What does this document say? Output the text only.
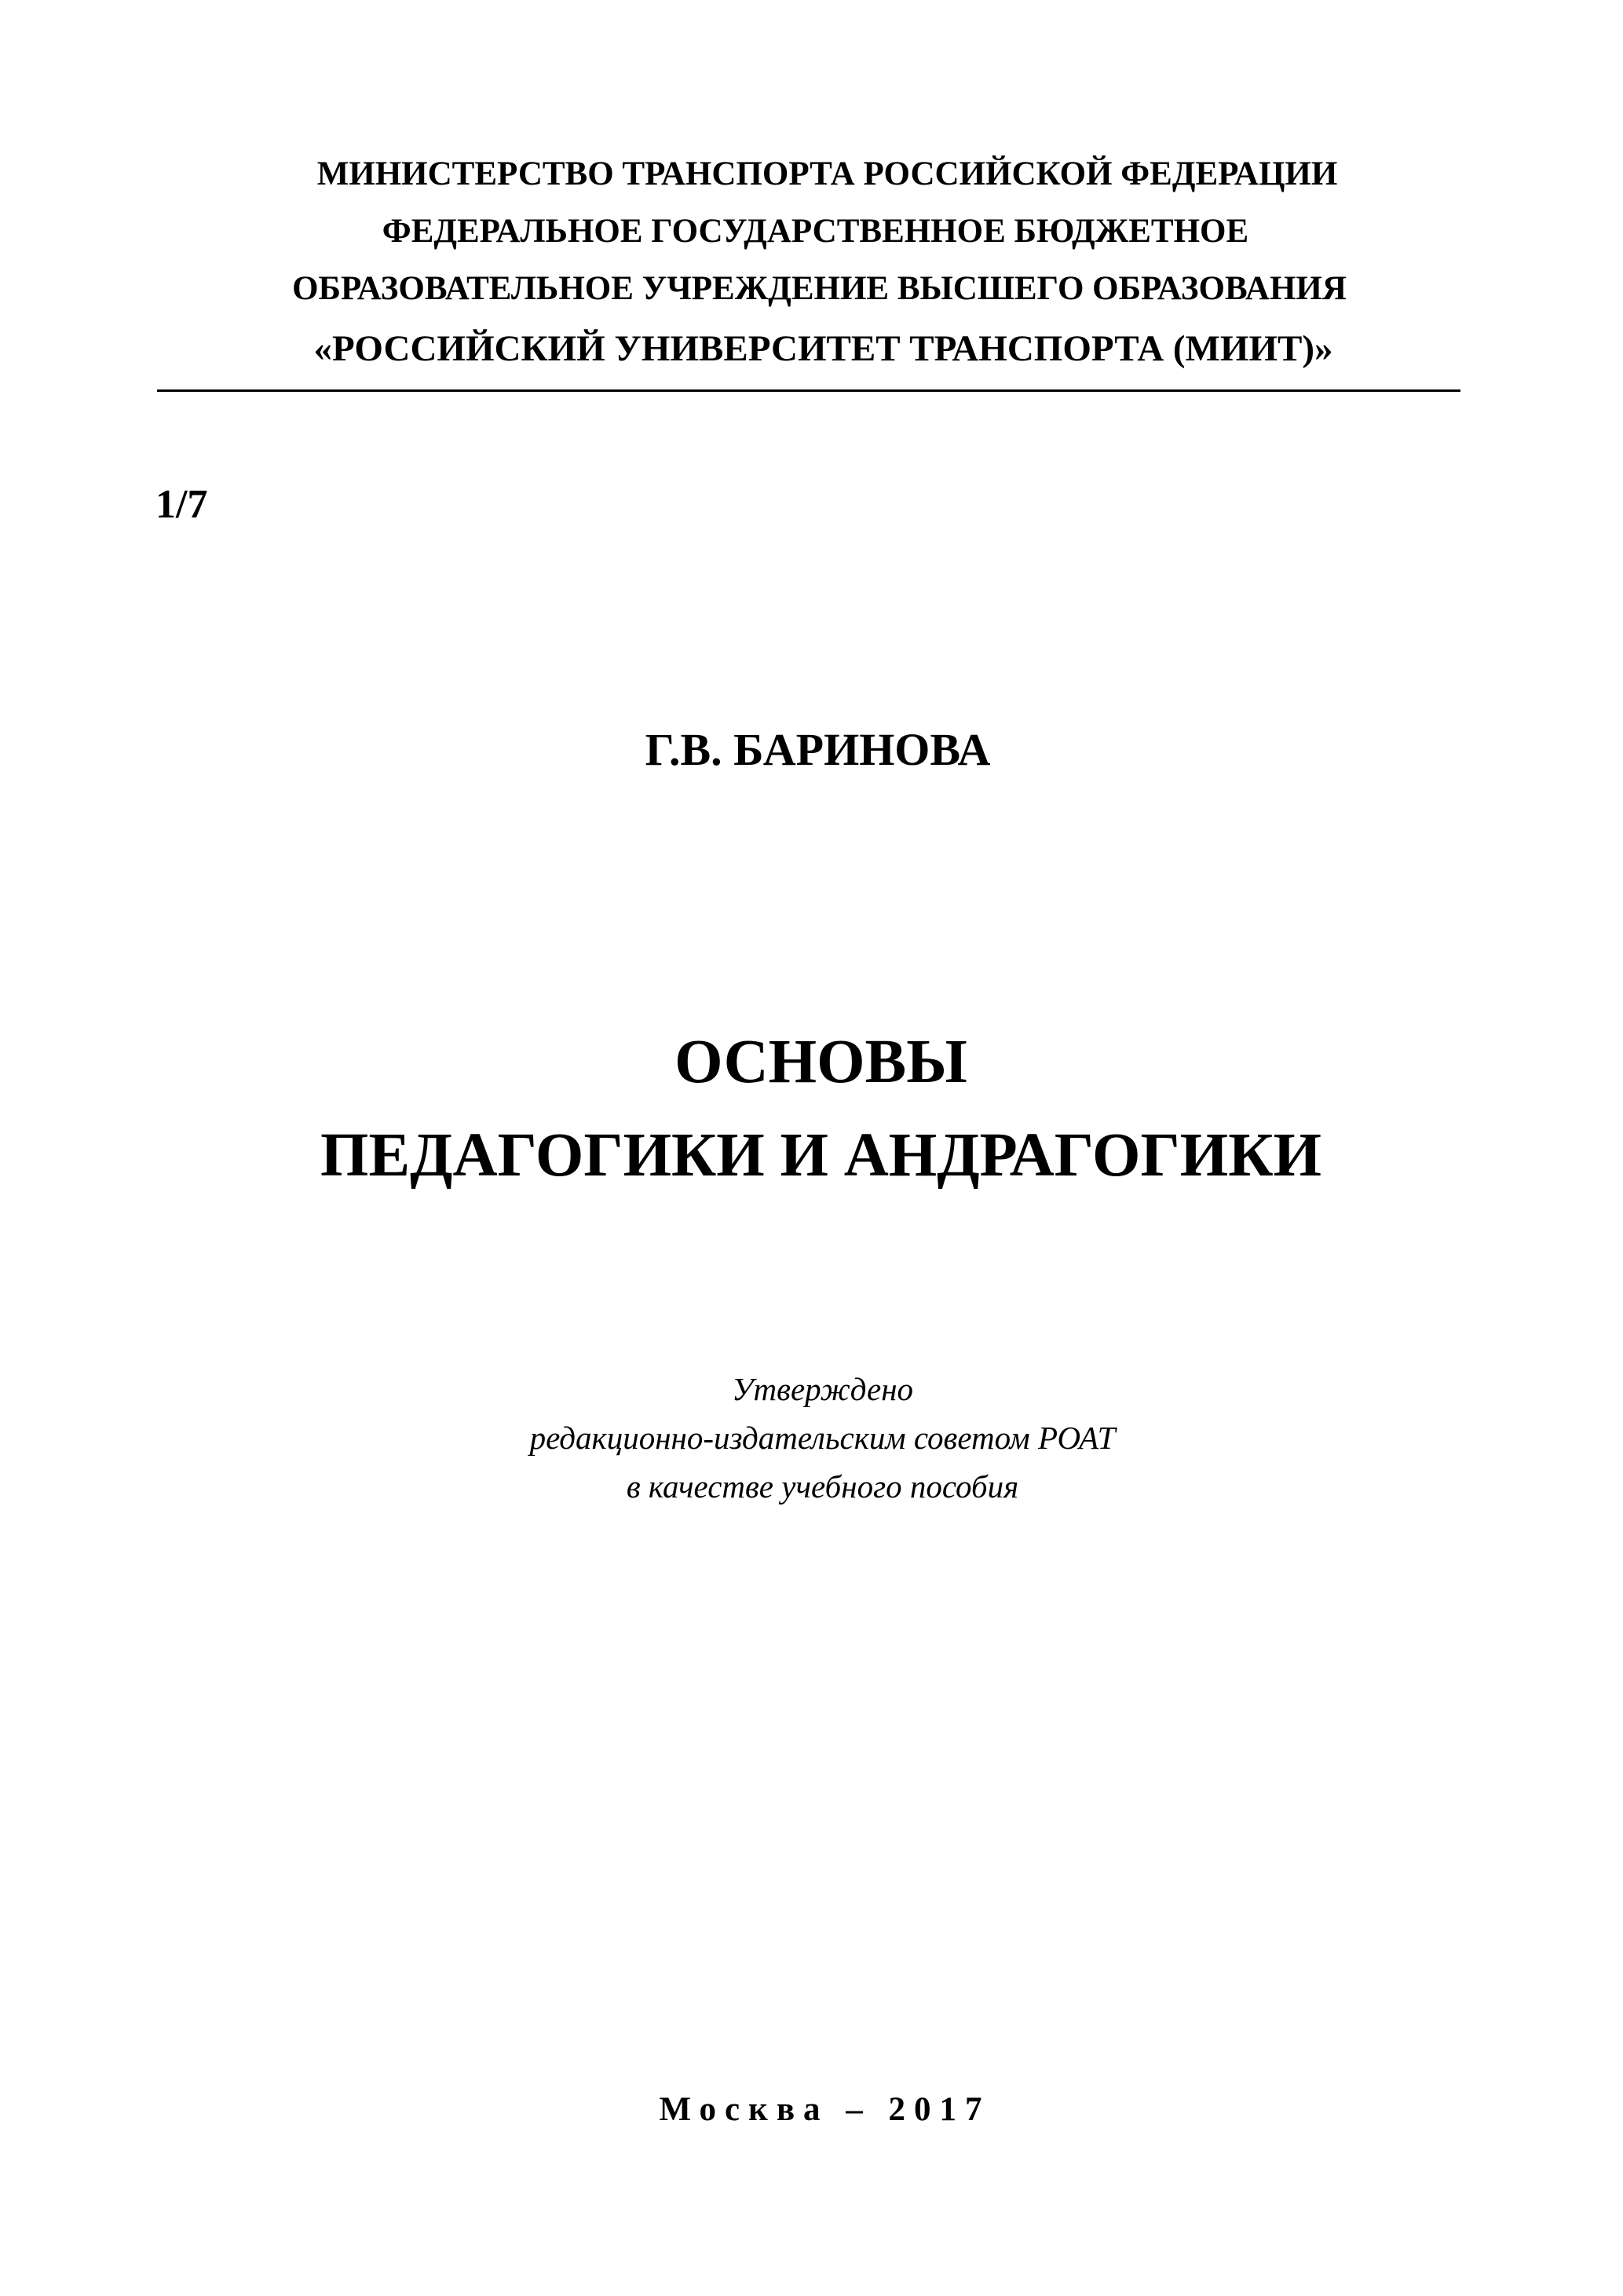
МИНИСТЕРСТВО ТРАНСПОРТА РОССИЙСКОЙ ФЕДЕРАЦИИ
ФЕДЕРАЛЬНОЕ ГОСУДАРСТВЕННОЕ БЮДЖЕТНОЕ
ОБРАЗОВАТЕЛЬНОЕ УЧРЕЖДЕНИЕ ВЫСШЕГО ОБРАЗОВАНИЯ
«РОССИЙСКИЙ УНИВЕРСИТЕТ ТРАНСПОРТА (МИИТ)»
1/7
Г.В. БАРИНОВА
ОСНОВЫ
ПЕДАГОГИКИ И АНДРАГОГИКИ
Утверждено
редакционно-издательским советом РОАТ
в качестве учебного пособия
Москва – 2017
